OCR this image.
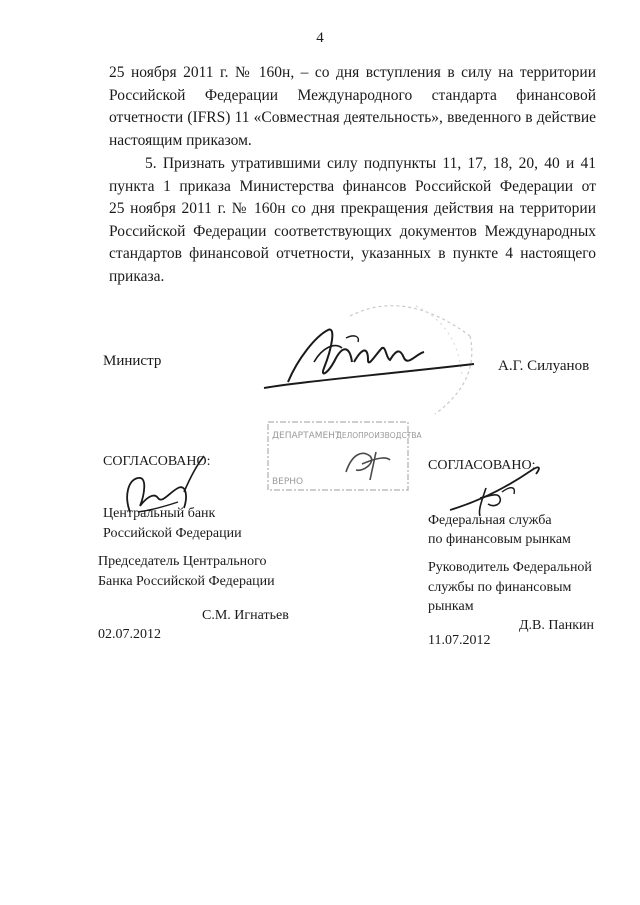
4
25 ноября 2011 г. № 160н, – со дня вступления в силу на территории
Российской Федерации Международного стандарта финансовой
отчетности (IFRS) 11 «Совместная деятельность», введенного в действие
настоящим приказом.
5. Признать утратившими силу подпункты 11, 17, 18, 20, 40 и 41
пункта 1 приказа Министерства финансов Российской Федерации от
25 ноября 2011 г. № 160н со дня прекращения действия на территории
Российской Федерации соответствующих документов Международных
стандартов финансовой отчетности, указанных в пункте 4 настоящего
приказа.
Министр	А.Г. Силуанов
ДЕПАРТАМЕНТ
ДЕЛОПРОИЗВОДСТВА
ВЕРНО
СОГЛАСОВАНО:
Центральный банк
Российской Федерации
Председатель Центрального
Банка Российской Федерации
С.М. Игнатьев
02.07.2012
СОГЛАСОВАНО:
Федеральная служба
по финансовым рынкам
Руководитель Федеральной
службы по финансовым
рынкам
Д.В. Панкин
11.07.2012
